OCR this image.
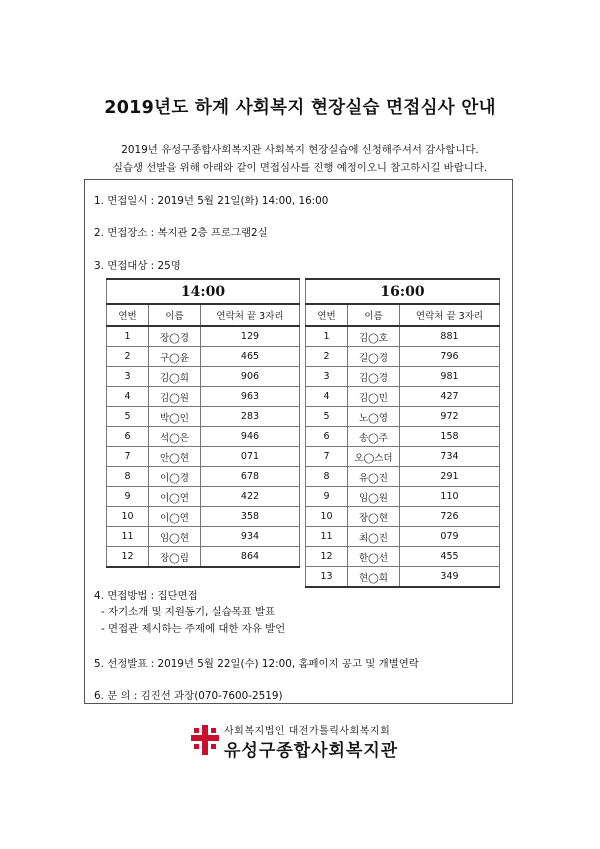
2019년도 하계 사회복지 현장실습 면접심사 안내
2019년 유성구종합사회복지관 사회복지 현장실습에 신청해주셔서 감사합니다.
실습생 선발을 위해 아래와 같이 면접심사를 진행 예정이오니 참고하시길 바랍니다.
1. 면접일시 : 2019년 5월 21일(화) 14:00, 16:00
2. 면접장소 : 복지관 2층 프로그램2실
3. 면접대상 : 25명
14:00		
연번	이름	연락처 끝 3자리
1	장◯경	129
2	구◯윤	465
3	김◯희	906
4	김◯원	963
5	박◯인	283
6	석◯은	946
7	안◯현	071
8	이◯경	678
9	이◯연	422
10	이◯연	358
11	임◯현	934
12	장◯림	864
16:00		
연번	이름	연락처 끝 3자리
1	김◯호	881
2	길◯경	796
3	김◯경	981
4	김◯민	427
5	노◯영	972
6	송◯주	158
7	오◯스더	734
8	유◯진	291
9	임◯원	110
10	장◯현	726
11	최◯진	079
12	한◯선	455
13	현◯희	349
4. 면접방법 : 집단면접
- 자기소개 및 지원동기, 실습목표 발표
- 면접관 제시하는 주제에 대한 자유 발언
5. 선정발표 : 2019년 5월 22일(수) 12:00, 홈페이지 공고 및 개별연락
6. 문 의 : 김진선 과장(070-7600-2519)
사회복지법인 대전가톨릭사회복지회
유성구종합사회복지관
